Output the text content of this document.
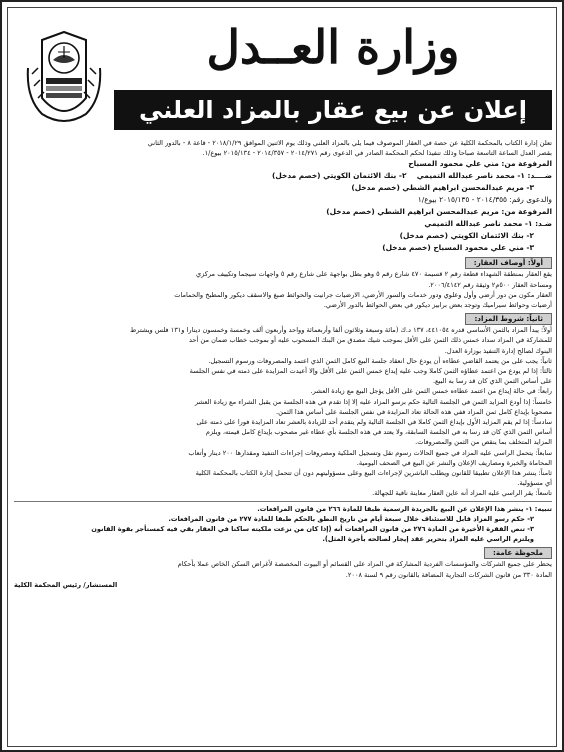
وزارة العــدل
إعلان عن بيع عقار بالمزاد العلني

تعلن إدارة الكتاب بالمحكمة الكلية عن حصة في العقار الموصوف فيما يلي بالمزاد العلني وذلك يوم الاثنين الموافق ٢٠١٨/١/٢٩ - قاعة ٨ - بالدور الثاني

بقصر العدل الساعة التاسعة صباحا وذلك تنفيذا لحكم المحكمة الصادر في الدعوى رقم ٢٠١٤/٢٧١ - ٢٠١٤/٣٥٧ - ٢٠١٥/١٣٤ بيوع/١.

المرفوعة من: مني علي محمود المسباح

ضــــد: ١- محمد ناصر عبدالله التميمي    ٢- بنك الائتمان الكويتي (خصم مدخل)

٣- مريم عبدالمحسن ابراهيم الشطي (خصم مدخل)

والدعوى رقم: ٢٠١٤/٣٥٥ - ٢٠١٥/١٣٥ بيوع/١

المرفوعة من: مريم عبدالمحسن ابراهيم الشطي (خصم مدخل)

ضـد: ١- محمد ناصر عبدالله التميمي

٢- بنك الائتمان الكويتي (خصم مدخل)

٣- مني علي محمود المسباح (خصم مدخل)

أولاً: أوصاف العقار:

يقع العقار بمنطقة الشهداء قطعة رقم ٢ قسيمة ٤٧٠ شارع رقم ٥ وهو بطل بواجهة على شارع رقم ٥ واجهات سيجما وتكييف مركزي

ومساحة العقار ٥٠٠م٢ وثيقة رقم ٢٠٠٦/٤١٤٢.

العقار مكون من دور أرضي وأول وعلوي ودور خدمات والسور الأرضي، الارضيات جرانيت والحوائط صبغ والاسقف ديكور والمطبخ والحمامات

أرضيات وحوائط سيراميك وتوجد بعض برابيز ديكور في بعض الحوائط بالدور الأرضي.

ثانياً: شروط المزاد:

أولاً: يبدأ المزاد بالثمن الأساسي قدره ٤٤١٠٥٤، ١٣٧ د.ك (مائة وسبعة وثلاثون ألفا وأربعمائة وواحد وأربعون ألف وخمسة وخمسون دينارا و١٣١ فلس ويشترط

للمشاركة في المزاد سداد خمس ذلك الثمن على الأقل بموجب شيك مصدق من البنك المسحوب عليه أو بموجب خطاب ضمان من أحد

البنوك لصالح إدارة التنفيذ بوزارة العدل.

ثانياً: يجب على من يعتمد القاضي عطاءه أن يودع حال انعقاد جلسة البيع كامل الثمن الذي اعتمد والمصروفات ورسوم التسجيل.

ثالثاً: إذا لم يودع من اعتمد عطاؤه الثمن كاملا وجب عليه إيداع خمس الثمن على الأقل وإلا أعيدت المزايدة على ذمته في نفس الجلسة

على أساس الثمن الذي كان قد رسا به البيع.

رابعاً: في حالة إيداع من اعتمد عطاءه خمس الثمن على الأقل يؤجل البيع مع زيادة العشر.

خامساً: إذا أودع المزايد الثمن في الجلسة التالية حكم برسو المزاد عليه إلا إذا تقدم في هذه الجلسة من يقبل الشراء مع زيادة العشر

مصحوبا بإيداع كامل ثمن المزاد ففي هذه الحالة تعاد المزايدة في نفس الجلسة على أساس هذا الثمن.

سادساً: إذا لم يقم المزايد الأول بإيداع الثمن كاملا في الجلسة التالية ولم يتقدم أحد للزيادة بالعشر تعاد المزايدة فورا على ذمته على

أساس الثمن الذي كان قد رسا به في الجلسة السابقة، ولا يعتد في هذه الجلسة بأي عطاء غير مصحوب بإيداع كامل قيمته، ويلزم

المزايد المتخلف بما ينقص من الثمن والمصروفات.

سابعاً: يتحمل الراسي عليه المزاد في جميع الحالات رسوم نقل وتسجيل الملكية ومصروفات إجراءات التنفيذ ومقدارها ٢٠٠ دينار وأتعاب

المحاماة والخبرة ومصاريف الإعلان والنشر عن البيع في الصحف اليومية.

ثامناً: ينشر هذا الإعلان تطبيقا للقانون ويطلب الباشرين لإجراءات البيع وعلى مسؤوليتهم دون أن تتحمل إدارة الكتاب بالمحكمة الكلية

أي مسؤولية.

تاسعاً: يقر الراسي عليه المزاد أنه عاين العقار معاينة نافية للجهالة.

تنبيه: ١- ينشر هذا الإعلان عن البيع بالجريدة الرسمية طبقا للمادة ٢٦٦ من قانون المرافعات.

٢- حكم رسو المزاد قابل للاستئناف خلال سبعة أيام من تاريخ النطق بالحكم طبقا للمادة ٢٧٧ من قانون المرافعات.

٣- تنص الفقرة الأخيرة من المادة ٢٧٦ من قانون المرافعات أنه (إذا كان من نزعت ملكيته ساكنا في العقار بقي فيه كمستأجر بقوة القانون

ويلتزم الراسي عليه المزاد بتحرير عقد إيجار لصالحه بأجرة المثل).

ملحوظة عامة:

يحظر على جميع الشركات والمؤسسات الفردية المشاركة في المزاد على القسائم أو البيوت المخصصة لأغراض السكن الخاص عملا بأحكام

المادة ٣٣٠ من قانون الشركات التجارية المضافة بالقانون رقم ٩ لسنة ٢٠٠٨.

المستشار/ رئيس المحكمة الكلية
